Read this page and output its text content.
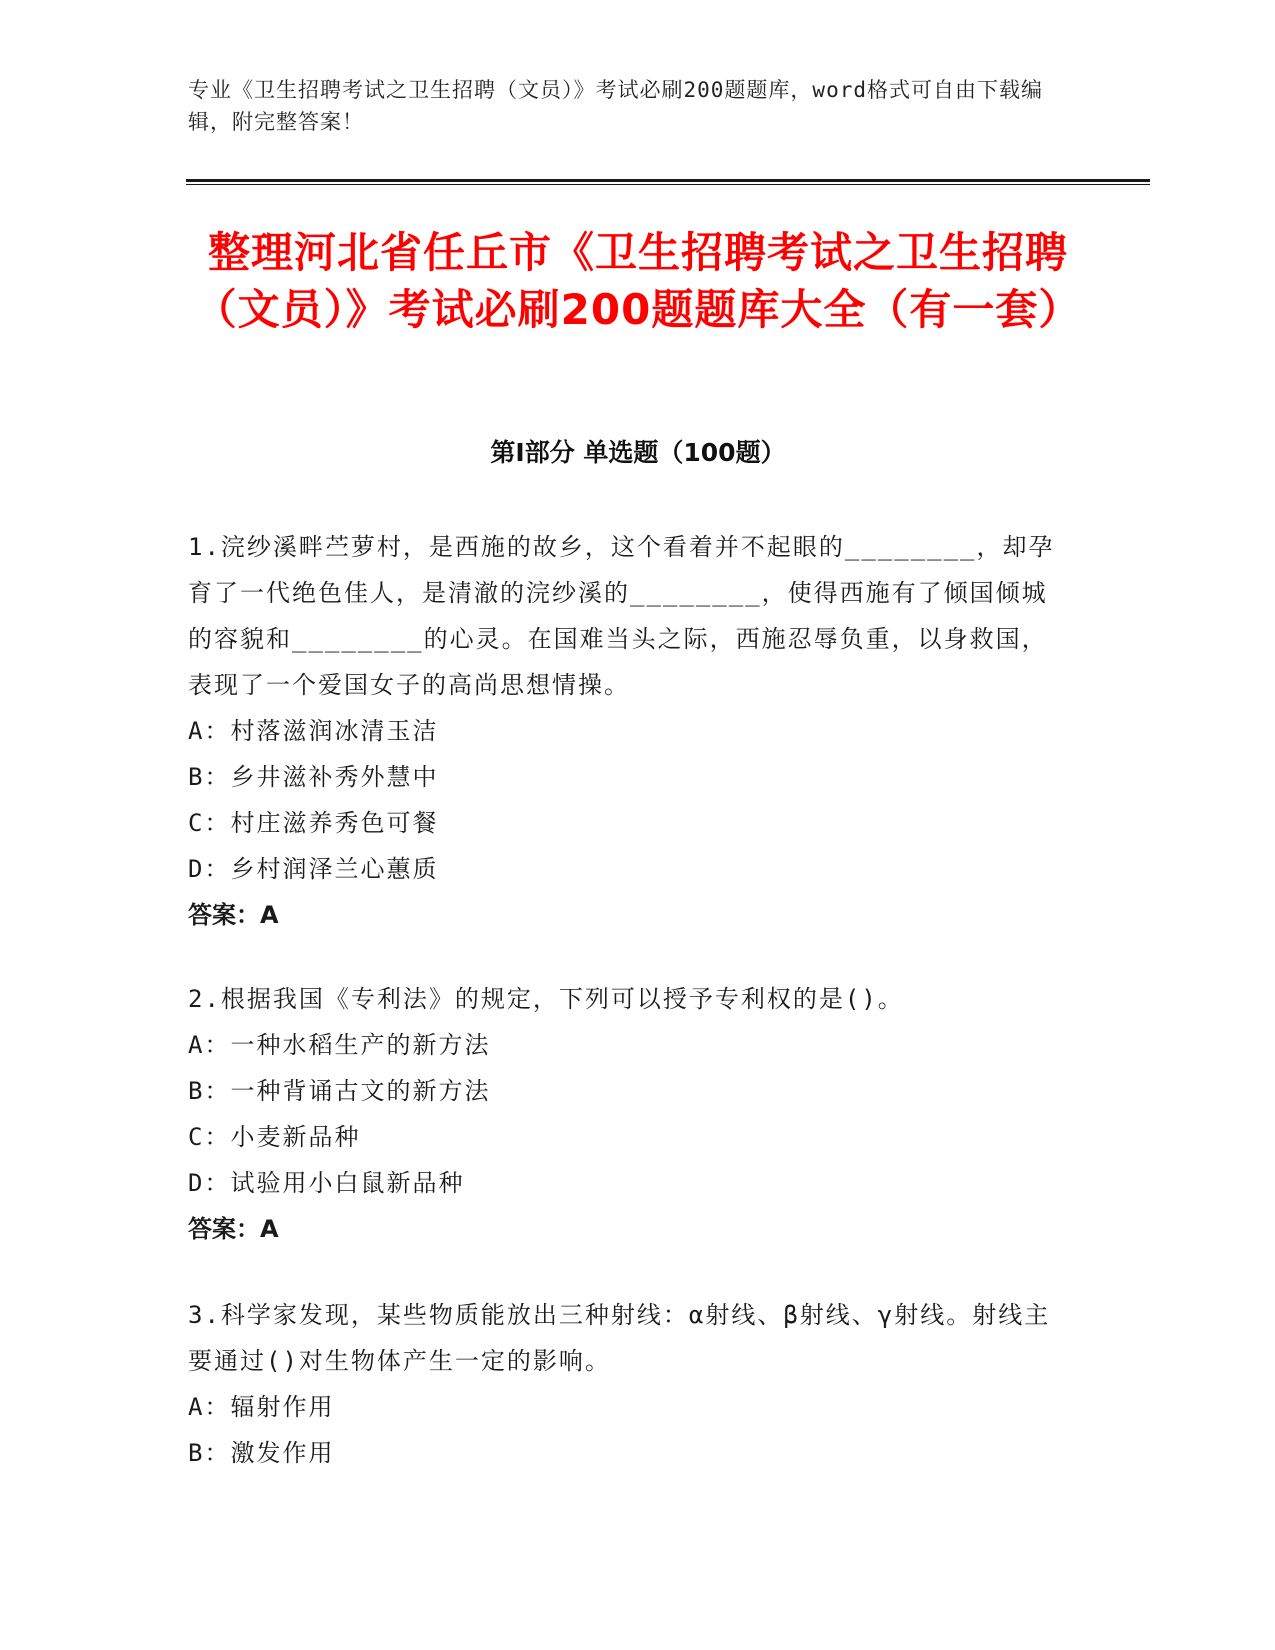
专业《卫生招聘考试之卫生招聘（文员）》考试必刷200题题库，word格式可自由下载编辑，附完整答案！
整理河北省任丘市《卫生招聘考试之卫生招聘（文员）》考试必刷200题题库大全（有一套）
第Ⅰ部分 单选题（100题）
1.浣纱溪畔苎萝村，是西施的故乡，这个看着并不起眼的________，却孕育了一代绝色佳人，是清澈的浣纱溪的________，使得西施有了倾国倾城的容貌和________的心灵。在国难当头之际，西施忍辱负重，以身救国，表现了一个爱国女子的高尚思想情操。
A：村落滋润冰清玉洁
B：乡井滋补秀外慧中
C：村庄滋养秀色可餐
D：乡村润泽兰心蕙质
答案：A
2.根据我国《专利法》的规定，下列可以授予专利权的是()。
A：一种水稻生产的新方法
B：一种背诵古文的新方法
C：小麦新品种
D：试验用小白鼠新品种
答案：A
3.科学家发现，某些物质能放出三种射线：α射线、β射线、γ射线。射线主要通过()对生物体产生一定的影响。
A：辐射作用
B：激发作用
